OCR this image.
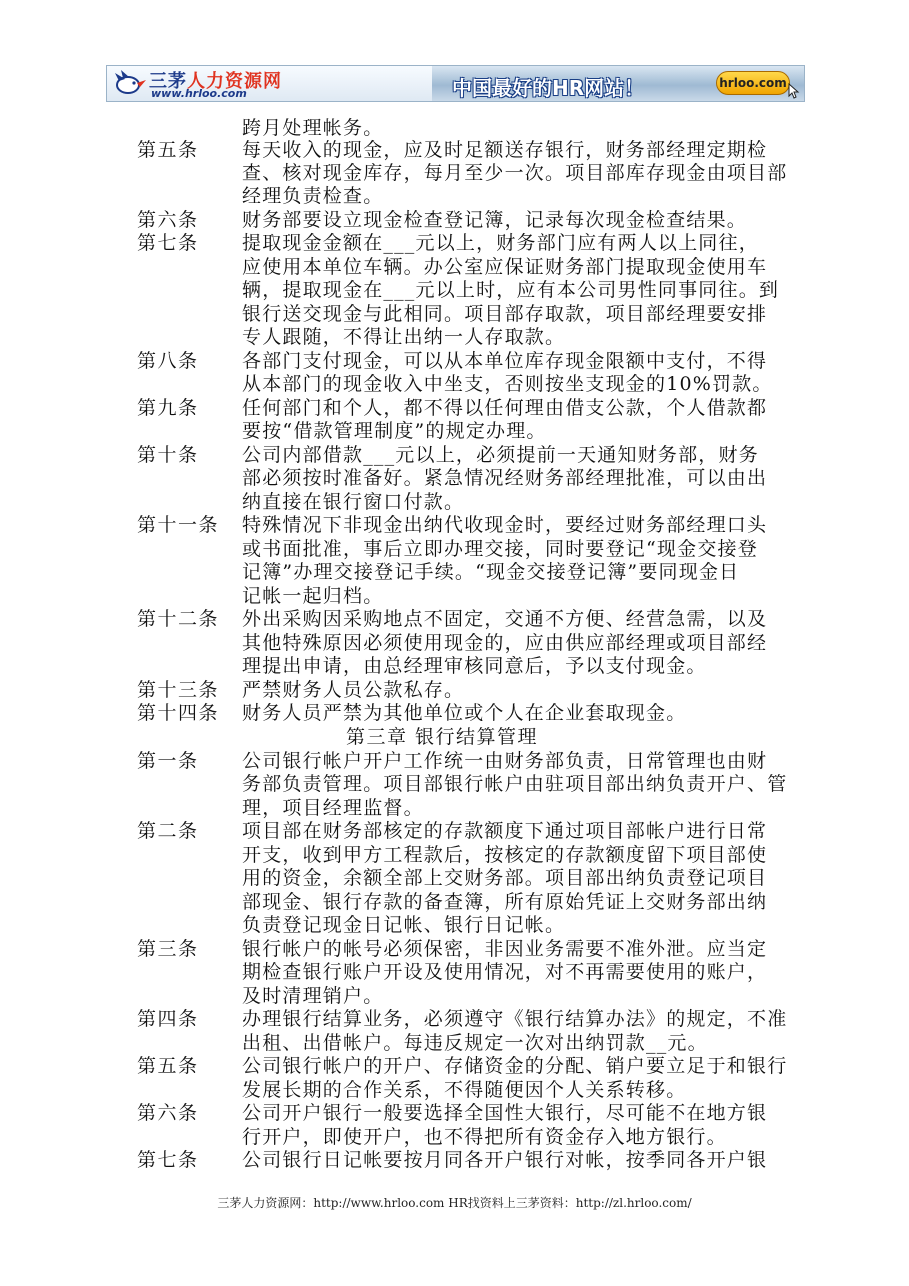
三茅人力资源网
www.hrloo.com	中国最好的HR网站！	hrloo.com
第三章 银行结算管理
跨月处理帐务。
第五条 每天收入的现金，应及时足额送存银行，财务部经理定期检
查、核对现金库存，每月至少一次。项目部库存现金由项目部
经理负责检查。
第六条 财务部要设立现金检查登记簿，记录每次现金检查结果。
第七条 提取现金金额在___元以上，财务部门应有两人以上同往，
应使用本单位车辆。办公室应保证财务部门提取现金使用车
辆，提取现金在___元以上时，应有本公司男性同事同往。到
银行送交现金与此相同。项目部存取款，项目部经理要安排
专人跟随，不得让出纳一人存取款。
第八条 各部门支付现金，可以从本单位库存现金限额中支付，不得
从本部门的现金收入中坐支，否则按坐支现金的10%罚款。
第九条 任何部门和个人，都不得以任何理由借支公款，个人借款都
要按“借款管理制度”的规定办理。
第十条 公司内部借款___元以上，必须提前一天通知财务部，财务
部必须按时准备好。紧急情况经财务部经理批准，可以由出
纳直接在银行窗口付款。
第十一条 特殊情况下非现金出纳代收现金时，要经过财务部经理口头
或书面批准，事后立即办理交接，同时要登记“现金交接登
记簿”办理交接登记手续。“现金交接登记簿”要同现金日
记帐一起归档。
第十二条 外出采购因采购地点不固定，交通不方便、经营急需，以及
其他特殊原因必须使用现金的，应由供应部经理或项目部经
理提出申请，由总经理审核同意后，予以支付现金。
第十三条 严禁财务人员公款私存。
第十四条 财务人员严禁为其他单位或个人在企业套取现金。
第一条 公司银行帐户开户工作统一由财务部负责，日常管理也由财
务部负责管理。项目部银行帐户由驻项目部出纳负责开户、管
理，项目经理监督。
第二条 项目部在财务部核定的存款额度下通过项目部帐户进行日常
开支，收到甲方工程款后，按核定的存款额度留下项目部使
用的资金，余额全部上交财务部。项目部出纳负责登记项目
部现金、银行存款的备查簿，所有原始凭证上交财务部出纳
负责登记现金日记帐、银行日记帐。
第三条 银行帐户的帐号必须保密，非因业务需要不准外泄。应当定
期检查银行账户开设及使用情况，对不再需要使用的账户，
及时清理销户。
第四条 办理银行结算业务，必须遵守《银行结算办法》的规定，不准
出租、出借帐户。每违反规定一次对出纳罚款__元。
第五条 公司银行帐户的开户、存储资金的分配、销户要立足于和银行
发展长期的合作关系，不得随便因个人关系转移。
第六条 公司开户银行一般要选择全国性大银行，尽可能不在地方银
行开户，即使开户，也不得把所有资金存入地方银行。
第七条 公司银行日记帐要按月同各开户银行对帐，按季同各开户银
三茅人力资源网：http://www.hrloo.com HR找资料上三茅资料：http://zl.hrloo.com/
